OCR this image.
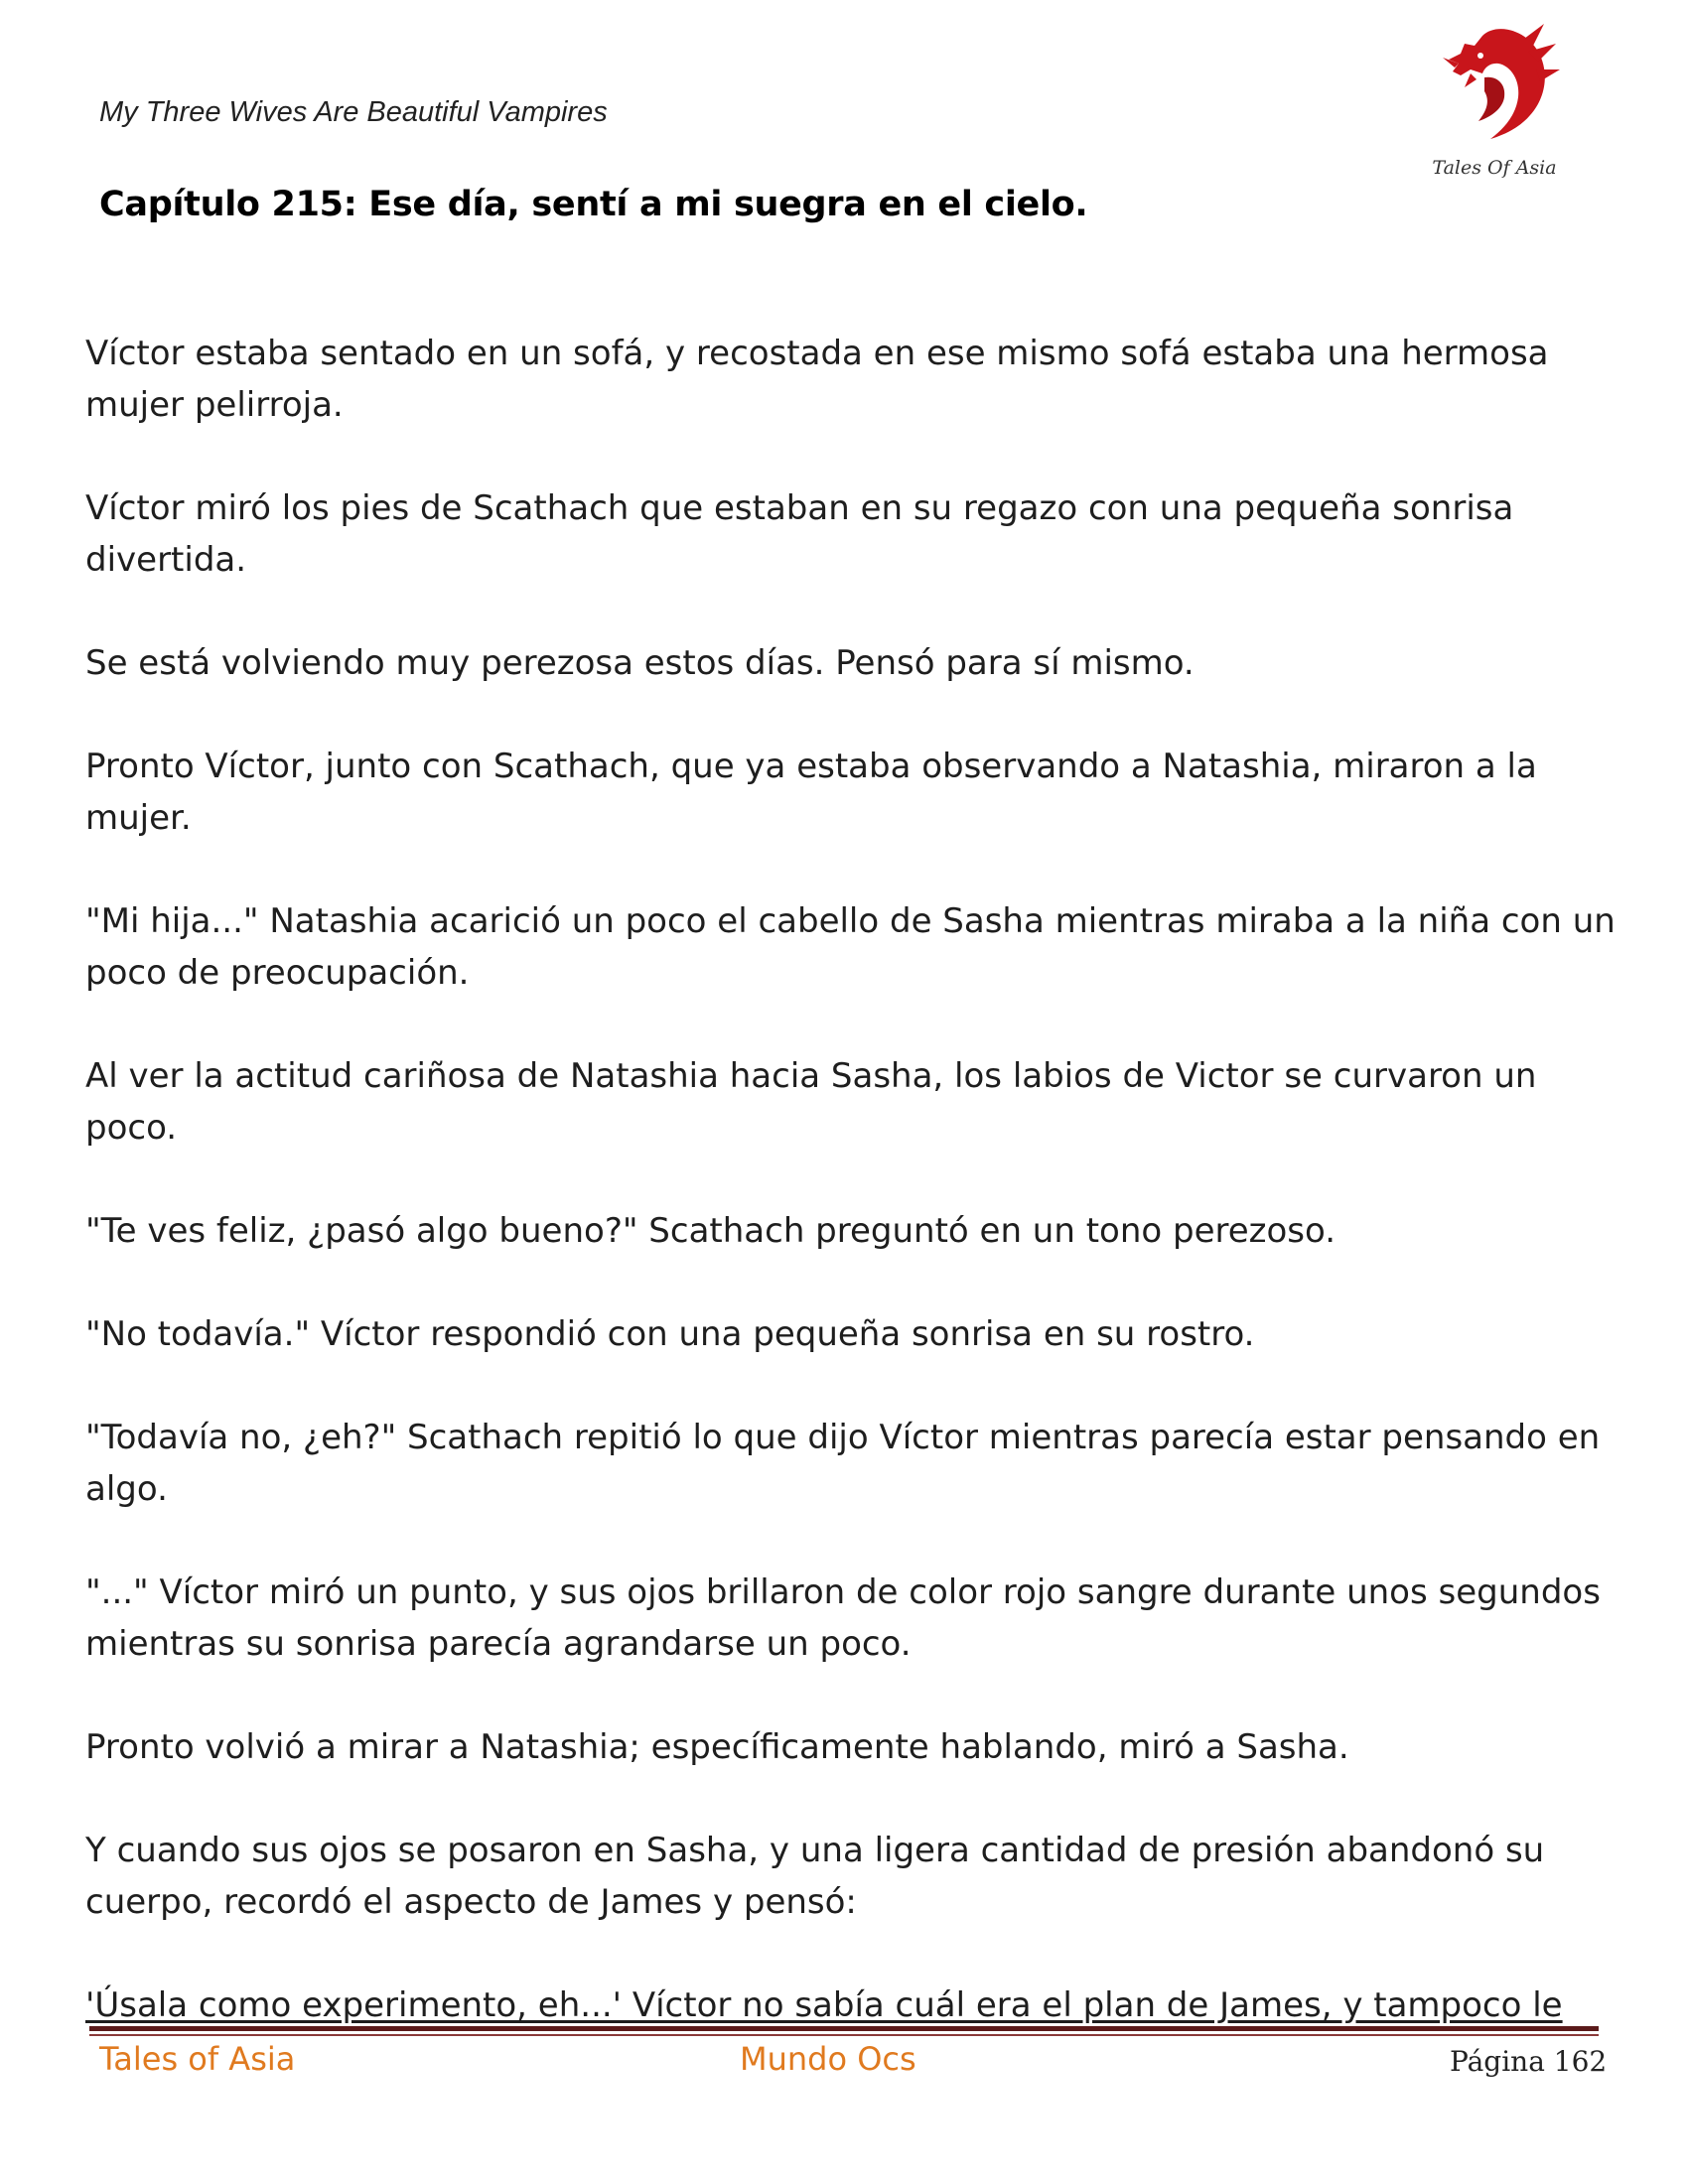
My Three Wives Are Beautiful Vampires
Tales Of Asia
Capítulo 215: Ese día, sentí a mi suegra en el cielo.

Víctor estaba sentado en un sofá, y recostada en ese mismo sofá estaba una hermosa mujer pelirroja.

Víctor miró los pies de Scathach que estaban en su regazo con una pequeña sonrisa divertida.

Se está volviendo muy perezosa estos días. Pensó para sí mismo.

Pronto Víctor, junto con Scathach, que ya estaba observando a Natashia, miraron a la mujer.

"Mi hija..." Natashia acarició un poco el cabello de Sasha mientras miraba a la niña con un poco de preocupación.

Al ver la actitud cariñosa de Natashia hacia Sasha, los labios de Victor se curvaron un poco.

"Te ves feliz, ¿pasó algo bueno?" Scathach preguntó en un tono perezoso.

"No todavía." Víctor respondió con una pequeña sonrisa en su rostro.

"Todavía no, ¿eh?" Scathach repitió lo que dijo Víctor mientras parecía estar pensando en algo.

"..." Víctor miró un punto, y sus ojos brillaron de color rojo sangre durante unos segundos mientras su sonrisa parecía agrandarse un poco.

Pronto volvió a mirar a Natashia; específicamente hablando, miró a Sasha.

Y cuando sus ojos se posaron en Sasha, y una ligera cantidad de presión abandonó su cuerpo, recordó el aspecto de James y pensó:

'Úsala como experimento, eh...' Víctor no sabía cuál era el plan de James, y tampoco le

Tales of Asia	Mundo Ocs	Página 162
